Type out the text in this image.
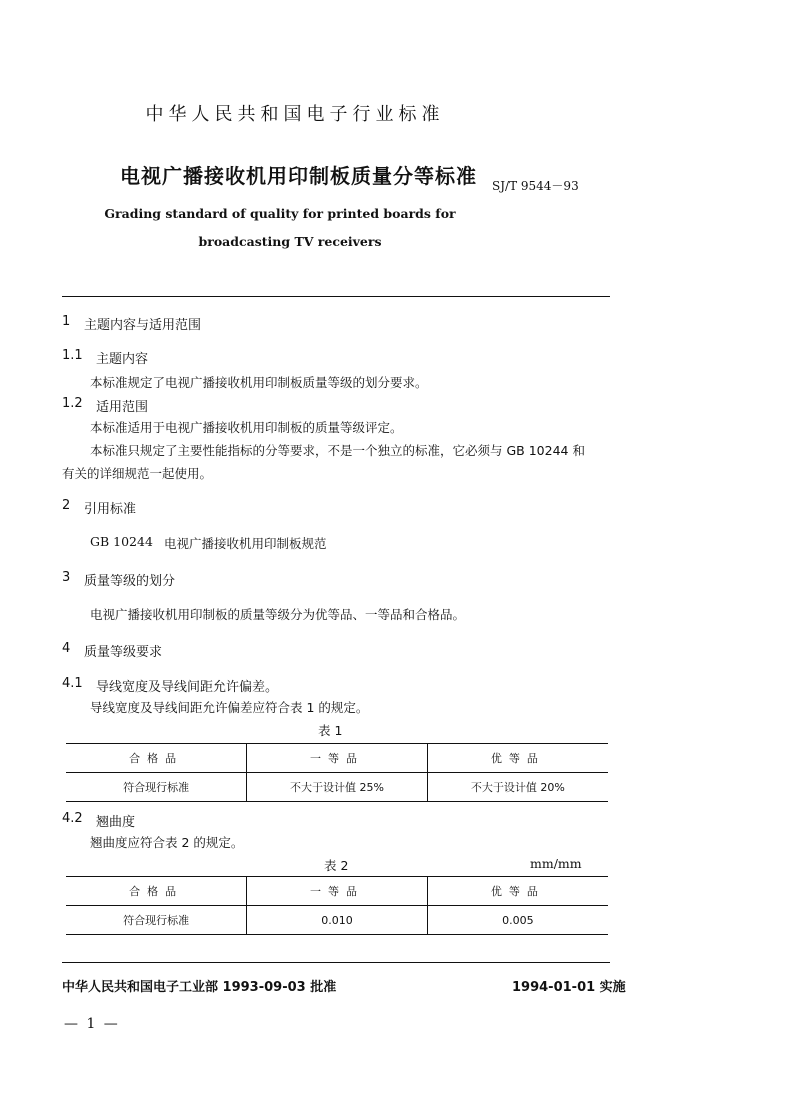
中华人民共和国电子行业标准
电视广播接收机用印制板质量分等标准 SJ/T 9544－93
Grading standard of quality for printed boards for
broadcasting TV receivers
1 主题内容与适用范围
1.1 主题内容
本标准规定了电视广播接收机用印制板质量等级的划分要求。
1.2 适用范围
本标准适用于电视广播接收机用印制板的质量等级评定。
本标准只规定了主要性能指标的分等要求，不是一个独立的标准，它必须与 GB 10244 和
有关的详细规范一起使用。
2 引用标准
GB 10244 电视广播接收机用印制板规范
3 质量等级的划分
电视广播接收机用印制板的质量等级分为优等品、一等品和合格品。
4 质量等级要求
4.1 导线宽度及导线间距允许偏差。
导线宽度及导线间距允许偏差应符合表 1 的规定。
表 1
合格品	一等品	优等品
符合现行标准	不大于设计值 25%	不大于设计值 20%
4.2 翘曲度
翘曲度应符合表 2 的规定。
表 2	mm/mm
合格品	一等品	优等品
符合现行标准	0.010	0.005
中华人民共和国电子工业部 1993-09-03 批准	1994-01-01 实施
— 1 —
